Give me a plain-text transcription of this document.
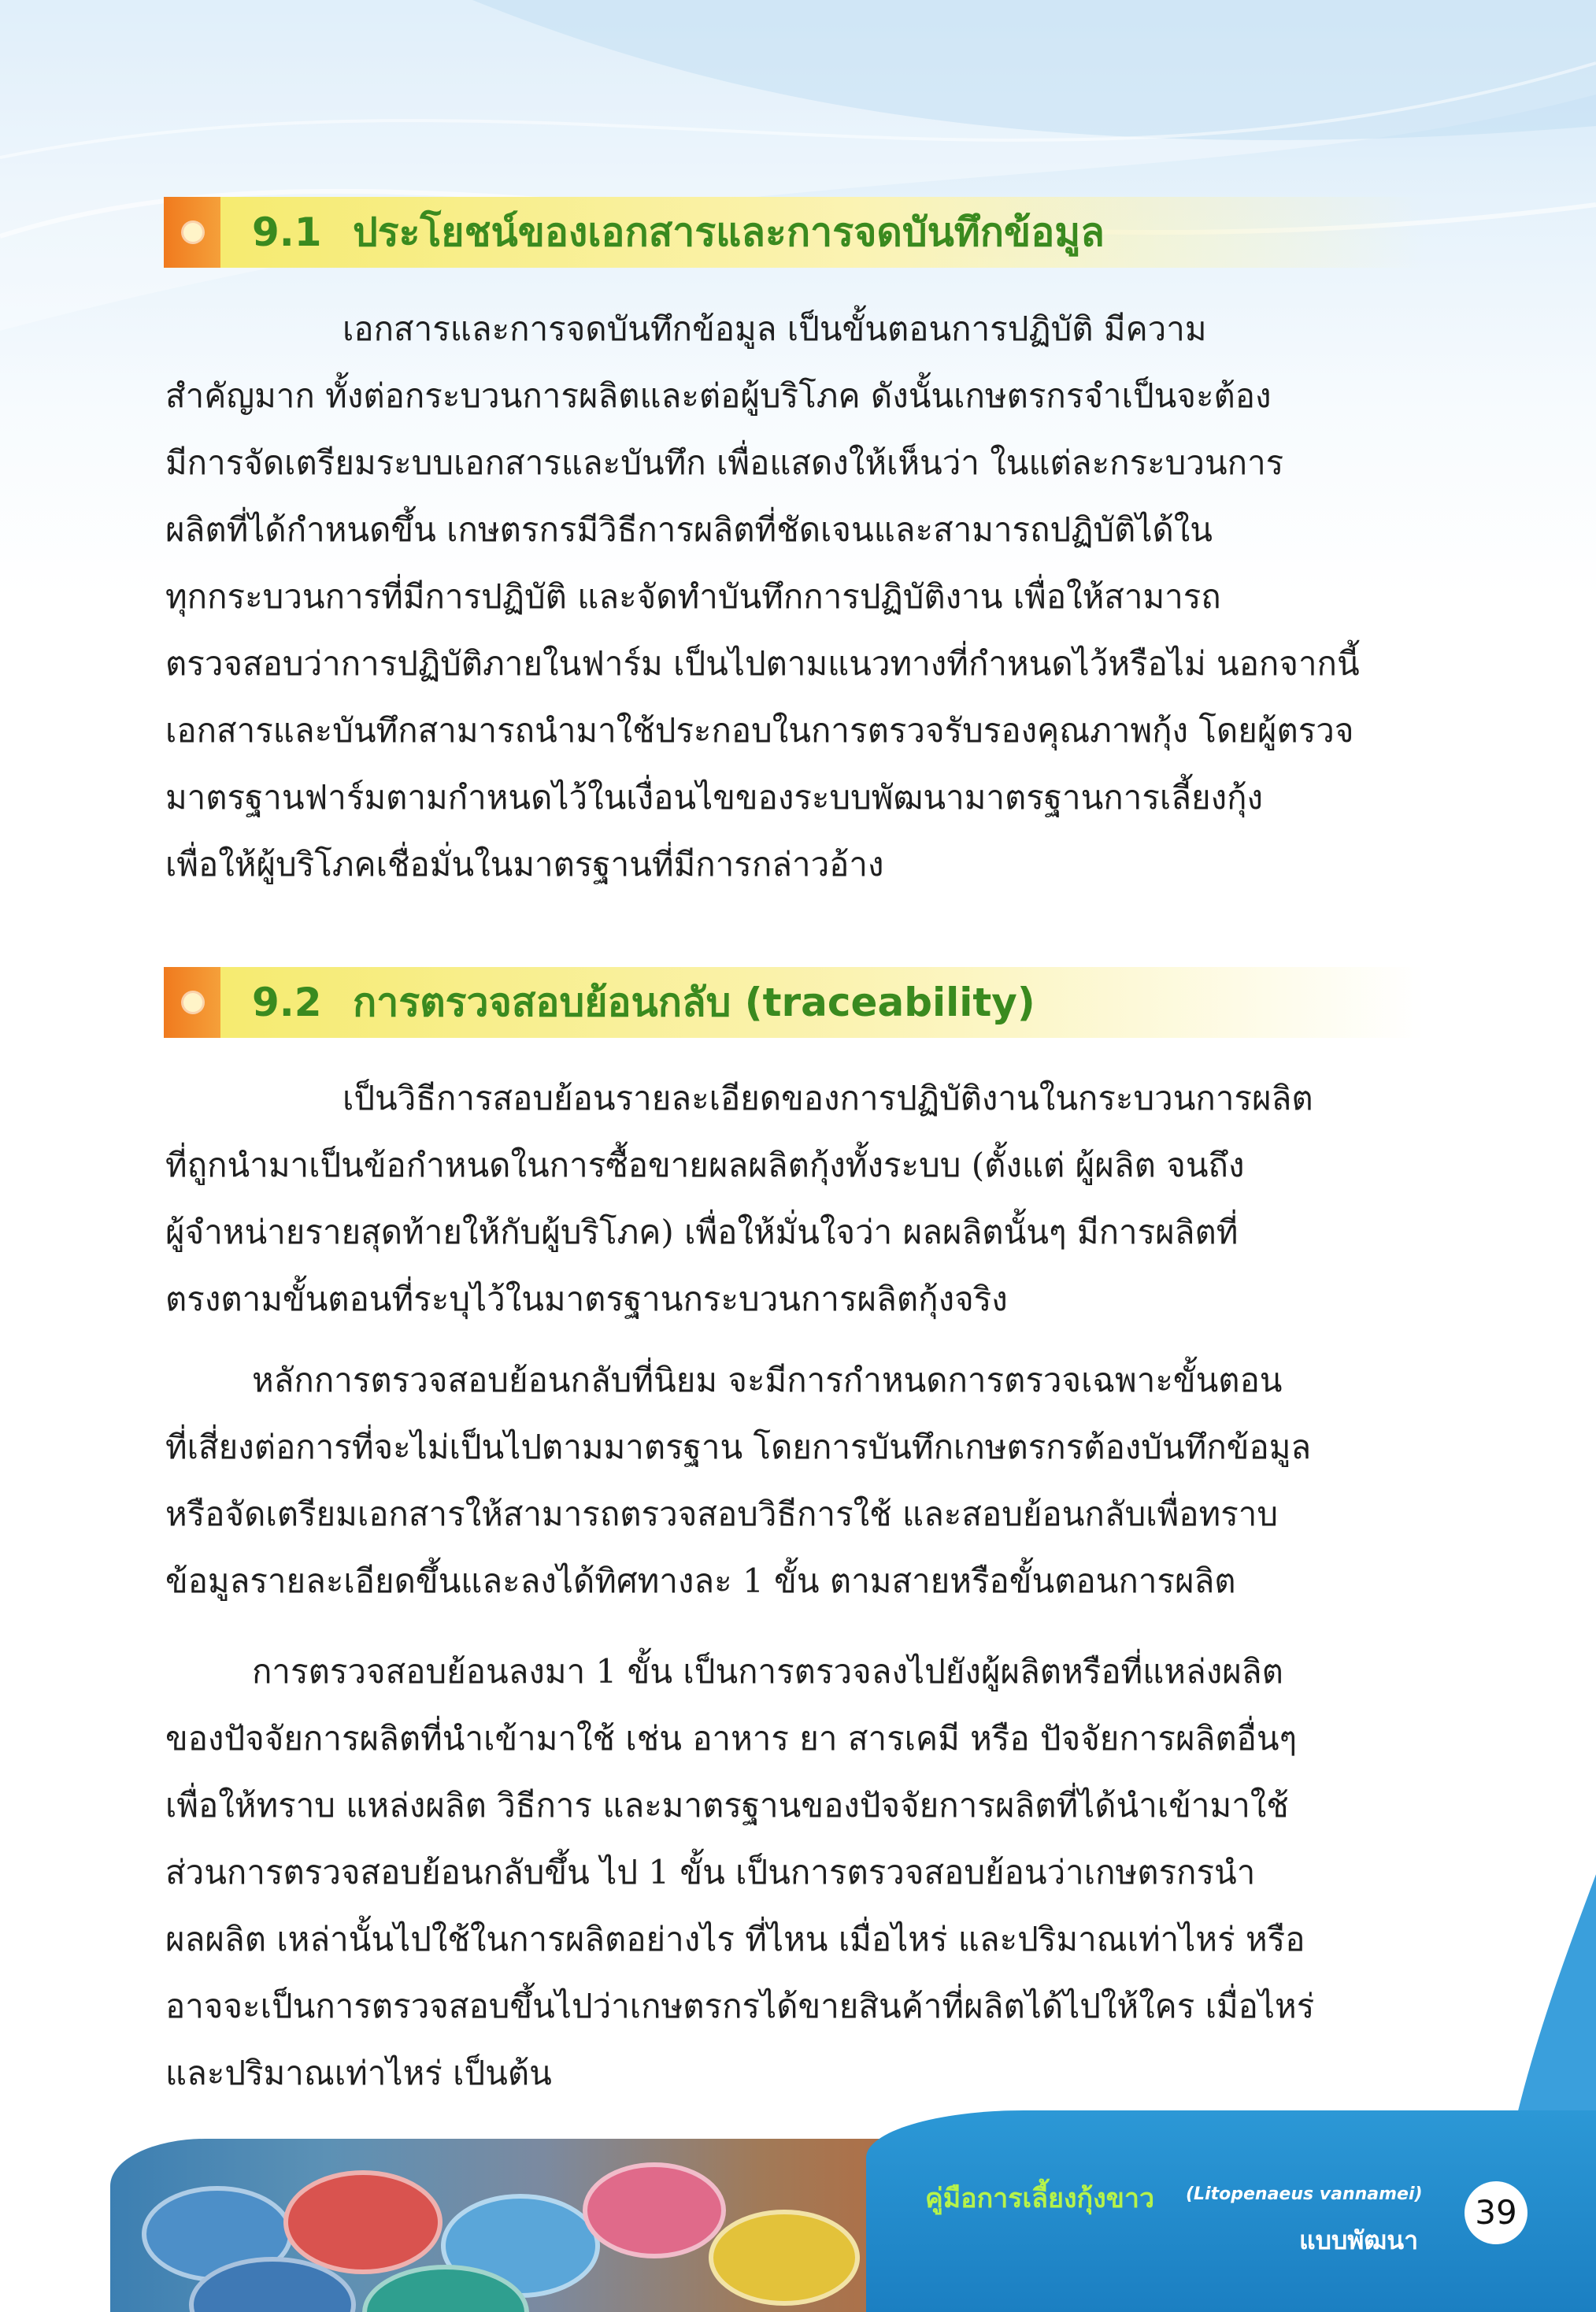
9.1 ประโยชน์ของเอกสารและการจดบันทึกข้อมูล
เอกสารและการจดบันทึกข้อมูล เป็นขั้นตอนการปฏิบัติ มีความ
สำคัญมาก ทั้งต่อกระบวนการผลิตและต่อผู้บริโภค ดังนั้นเกษตรกรจำเป็นจะต้อง
มีการจัดเตรียมระบบเอกสารและบันทึก เพื่อแสดงให้เห็นว่า ในแต่ละกระบวนการ
ผลิตที่ได้กำหนดขึ้น เกษตรกรมีวิธีการผลิตที่ชัดเจนและสามารถปฏิบัติได้ใน
ทุกกระบวนการที่มีการปฏิบัติ และจัดทำบันทึกการปฏิบัติงาน เพื่อให้สามารถ
ตรวจสอบว่าการปฏิบัติภายในฟาร์ม เป็นไปตามแนวทางที่กำหนดไว้หรือไม่ นอกจากนี้
เอกสารและบันทึกสามารถนำมาใช้ประกอบในการตรวจรับรองคุณภาพกุ้ง โดยผู้ตรวจ
มาตรฐานฟาร์มตามกำหนดไว้ในเงื่อนไขของระบบพัฒนามาตรฐานการเลี้ยงกุ้ง
เพื่อให้ผู้บริโภคเชื่อมั่นในมาตรฐานที่มีการกล่าวอ้าง
9.2 การตรวจสอบย้อนกลับ (traceability)
เป็นวิธีการสอบย้อนรายละเอียดของการปฏิบัติงานในกระบวนการผลิต
ที่ถูกนำมาเป็นข้อกำหนดในการซื้อขายผลผลิตกุ้งทั้งระบบ (ตั้งแต่ ผู้ผลิต จนถึง
ผู้จำหน่ายรายสุดท้ายให้กับผู้บริโภค) เพื่อให้มั่นใจว่า ผลผลิตนั้นๆ มีการผลิตที่
ตรงตามขั้นตอนที่ระบุไว้ในมาตรฐานกระบวนการผลิตกุ้งจริง
หลักการตรวจสอบย้อนกลับที่นิยม จะมีการกำหนดการตรวจเฉพาะขั้นตอน
ที่เสี่ยงต่อการที่จะไม่เป็นไปตามมาตรฐาน โดยการบันทึกเกษตรกรต้องบันทึกข้อมูล
หรือจัดเตรียมเอกสารให้สามารถตรวจสอบวิธีการใช้ และสอบย้อนกลับเพื่อทราบ
ข้อมูลรายละเอียดขึ้นและลงได้ทิศทางละ 1 ขั้น ตามสายหรือขั้นตอนการผลิต
การตรวจสอบย้อนลงมา 1 ขั้น เป็นการตรวจลงไปยังผู้ผลิตหรือที่แหล่งผลิต
ของปัจจัยการผลิตที่นำเข้ามาใช้ เช่น อาหาร ยา สารเคมี หรือ ปัจจัยการผลิตอื่นๆ
เพื่อให้ทราบ แหล่งผลิต วิธีการ และมาตรฐานของปัจจัยการผลิตที่ได้นำเข้ามาใช้
ส่วนการตรวจสอบย้อนกลับขึ้น ไป 1 ขั้น เป็นการตรวจสอบย้อนว่าเกษตรกรนำ
ผลผลิต เหล่านั้นไปใช้ในการผลิตอย่างไร ที่ไหน เมื่อไหร่ และปริมาณเท่าไหร่ หรือ
อาจจะเป็นการตรวจสอบขึ้นไปว่าเกษตรกรได้ขายสินค้าที่ผลิตได้ไปให้ใคร เมื่อไหร่
และปริมาณเท่าไหร่ เป็นต้น
คู่มือการเลี้ยงกุ้งขาว (Litopenaeus vannamei)
แบบพัฒนา
39
